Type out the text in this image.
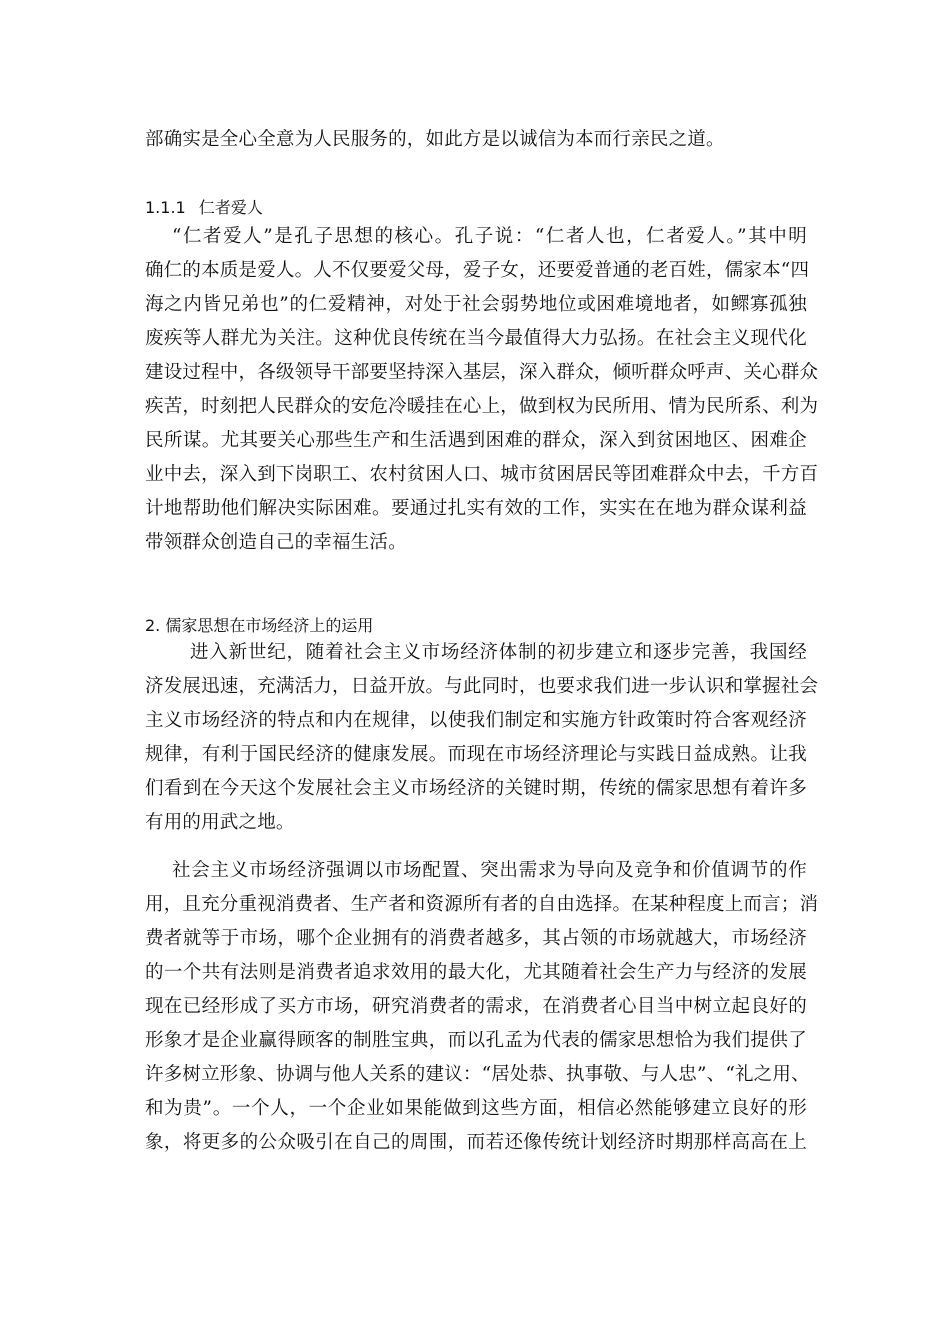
部确实是全心全意为人民服务的，如此方是以诚信为本而行亲民之道。
1.1.1 仁者爱人
“仁者爱人”是孔子思想的核心。孔子说：“仁者人也，仁者爱人。”其中明
确仁的本质是爱人。人不仅要爱父母，爱子女，还要爱普通的老百姓，儒家本“四
海之内皆兄弟也”的仁爱精神，对处于社会弱势地位或困难境地者，如鳏寡孤独
废疾等人群尤为关注。这种优良传统在当今最值得大力弘扬。在社会主义现代化
建设过程中，各级领导干部要坚持深入基层，深入群众，倾听群众呼声、关心群众
疾苦，时刻把人民群众的安危冷暖挂在心上，做到权为民所用、情为民所系、利为
民所谋。尤其要关心那些生产和生活遇到困难的群众，深入到贫困地区、困难企
业中去，深入到下岗职工、农村贫困人口、城市贫困居民等团难群众中去，千方百
计地帮助他们解决实际困难。要通过扎实有效的工作，实实在在地为群众谋利益
带领群众创造自己的幸福生活。
2. 儒家思想在市场经济上的运用
进入新世纪，随着社会主义市场经济体制的初步建立和逐步完善，我国经
济发展迅速，充满活力，日益开放。与此同时，也要求我们进一步认识和掌握社会
主义市场经济的特点和内在规律，以使我们制定和实施方针政策时符合客观经济
规律，有利于国民经济的健康发展。而现在市场经济理论与实践日益成熟。让我
们看到在今天这个发展社会主义市场经济的关键时期，传统的儒家思想有着许多
有用的用武之地。
社会主义市场经济强调以市场配置、突出需求为导向及竞争和价值调节的作
用，且充分重视消费者、生产者和资源所有者的自由选择。在某种程度上而言；消
费者就等于市场，哪个企业拥有的消费者越多，其占领的市场就越大，市场经济
的一个共有法则是消费者追求效用的最大化，尤其随着社会生产力与经济的发展
现在已经形成了买方市场，研究消费者的需求，在消费者心目当中树立起良好的
形象才是企业赢得顾客的制胜宝典，而以孔孟为代表的儒家思想恰为我们提供了
许多树立形象、协调与他人关系的建议：“居处恭、执事敬、与人忠”、“礼之用、
和为贵”。一个人，一个企业如果能做到这些方面，相信必然能够建立良好的形
象，将更多的公众吸引在自己的周围，而若还像传统计划经济时期那样高高在上
